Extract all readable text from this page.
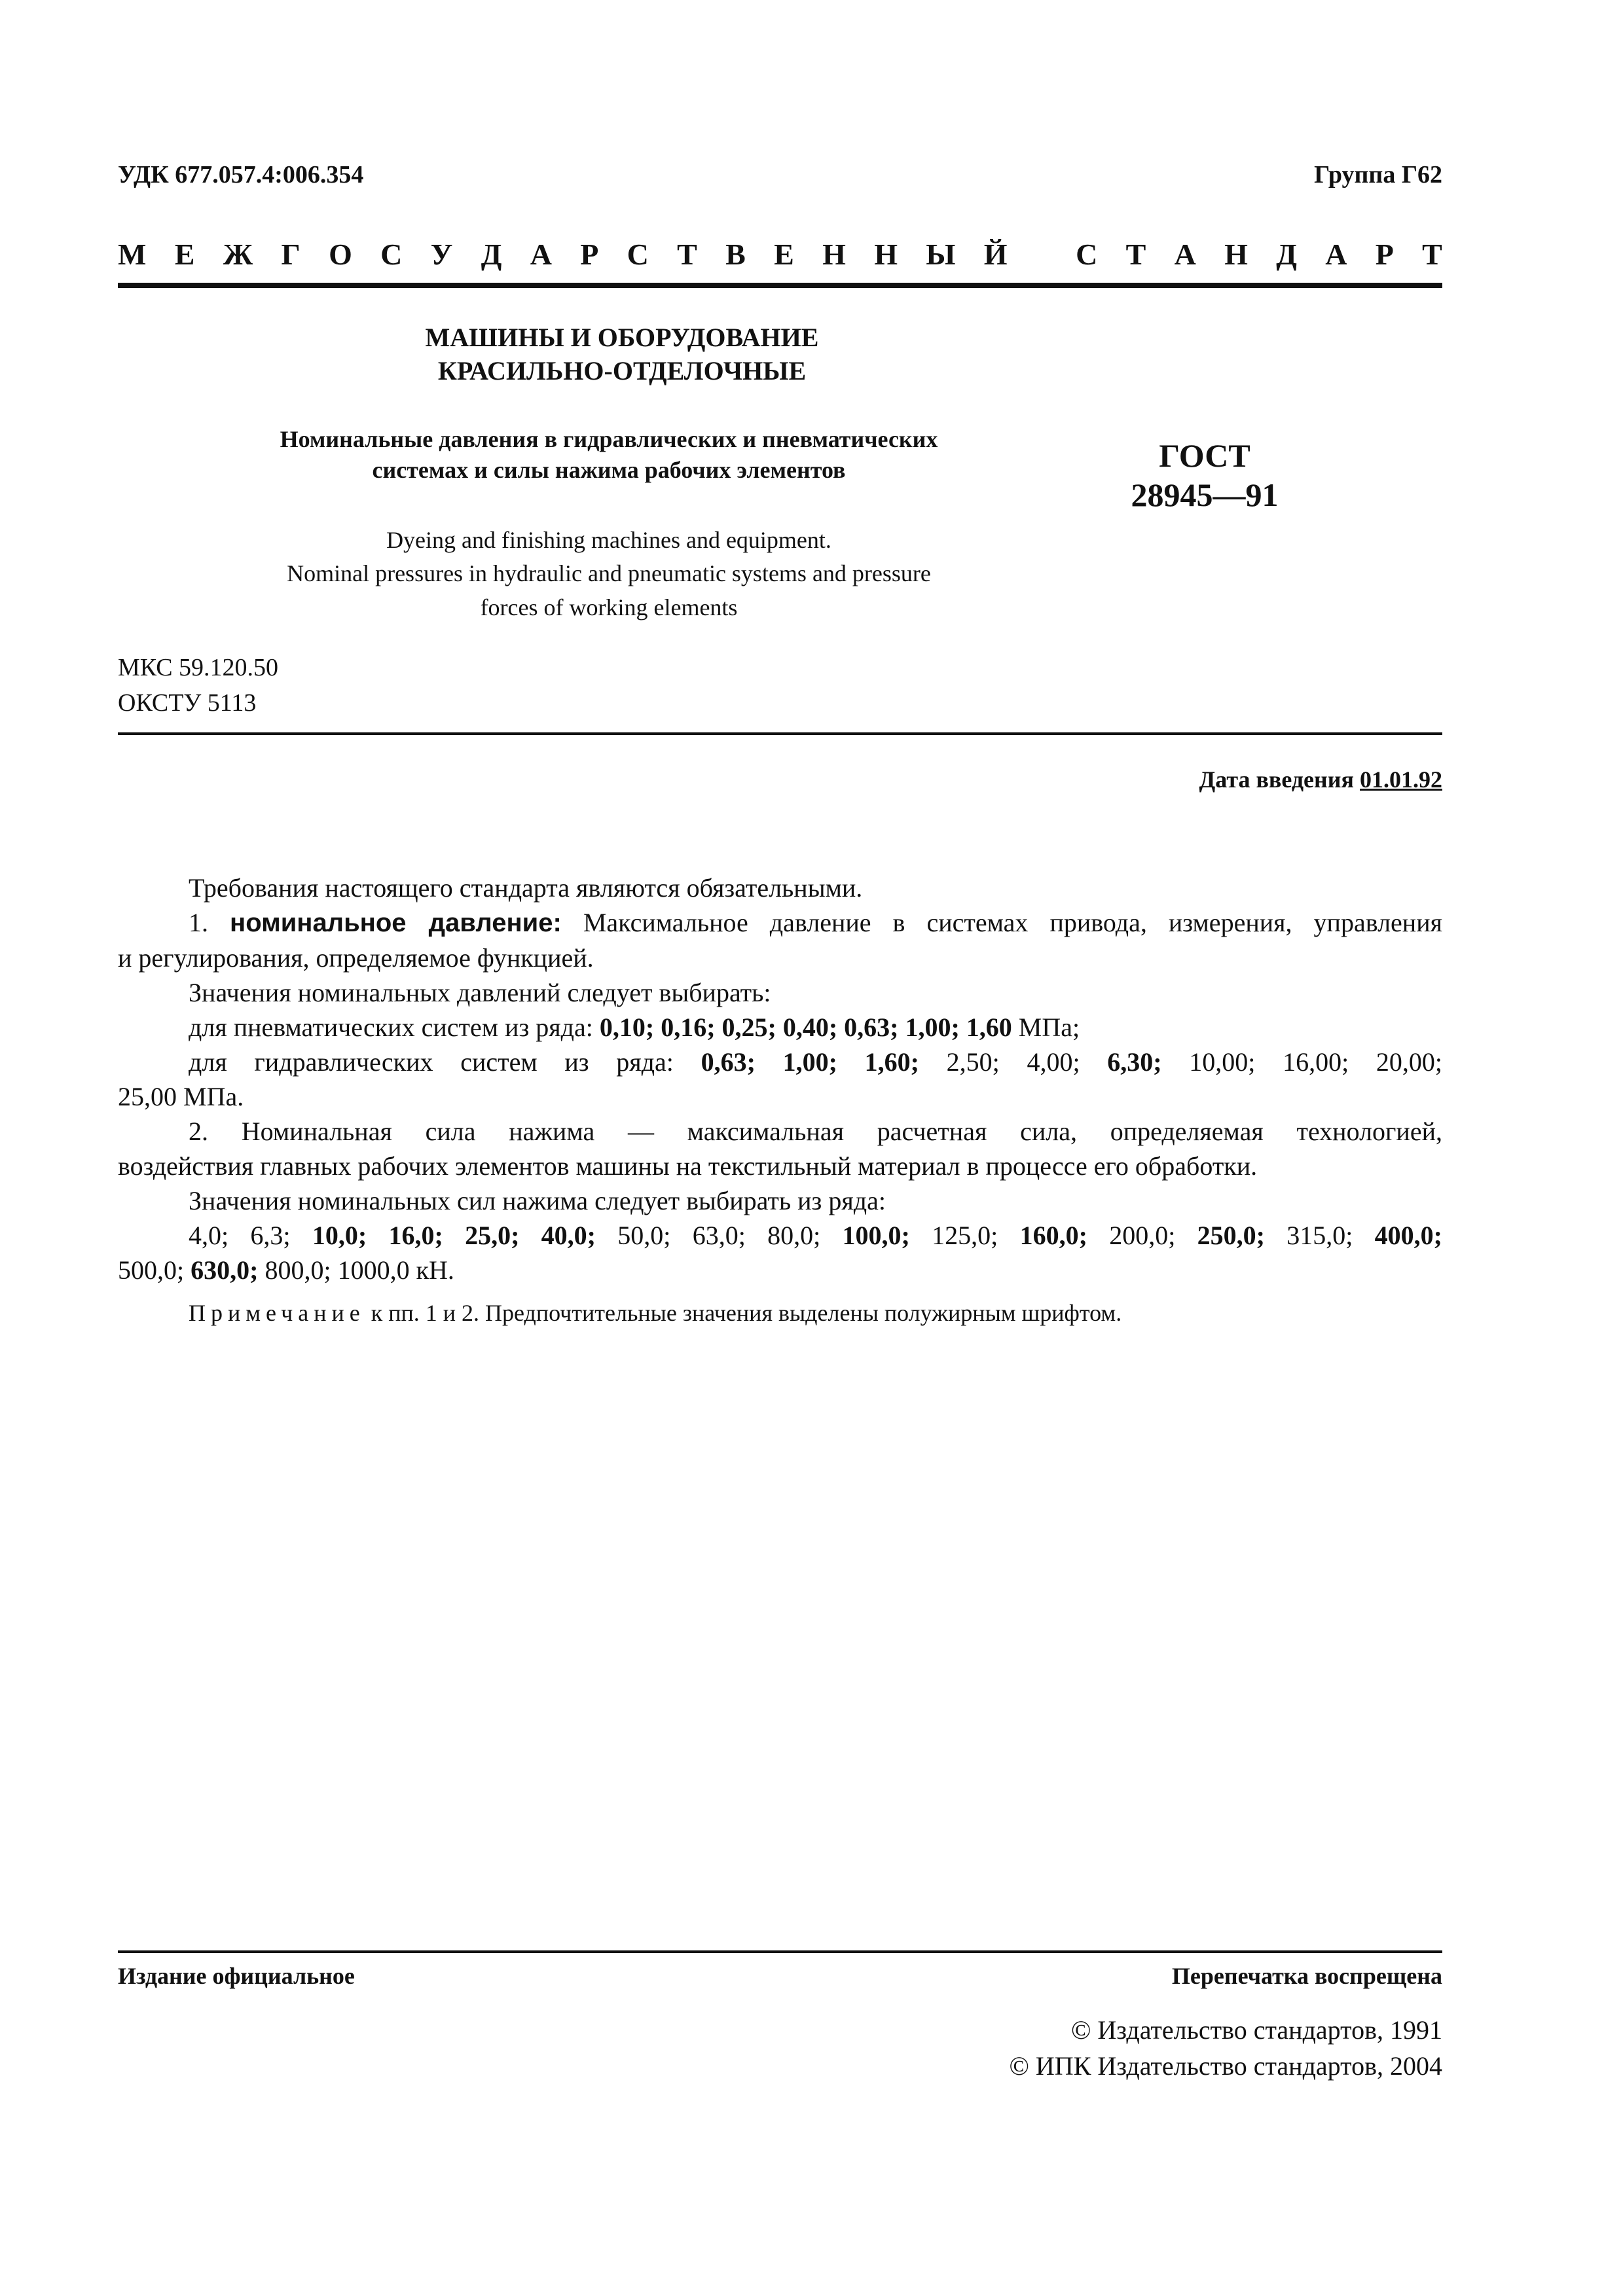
УДК 677.057.4:006.354	Группа Г62
М Е Ж Г О С У Д А Р С Т В Е Н Н Ы Й С Т А Н Д А Р Т
МАШИНЫ И ОБОРУДОВАНИЕ
КРАСИЛЬНО-ОТДЕЛОЧНЫЕ
Номинальные давления в гидравлических и пневматических
системах и силы нажима рабочих элементов	ГОСТ
28945—91
Dyeing and finishing machines and equipment.
Nominal pressures in hydraulic and pneumatic systems and pressure
forces of working elements
МКС 59.120.50
ОКСТУ 5113
Дата введения 01.01.92

Требования настоящего стандарта являются обязательными.

1. номинальное давление: Максимальное давление в системах привода, измерения, управления

и регулирования, определяемое функцией.

Значения номинальных давлений следует выбирать:

для пневматических систем из ряда: 0,10; 0,16; 0,25; 0,40; 0,63; 1,00; 1,60 МПа;

для гидравлических систем из ряда: 0,63; 1,00; 1,60; 2,50; 4,00; 6,30; 10,00; 16,00; 20,00;

25,00 МПа.

2. Номинальная сила нажима — максимальная расчетная сила, определяемая технологией,

воздействия главных рабочих элементов машины на текстильный материал в процессе его обработки.

Значения номинальных сил нажима следует выбирать из ряда:

4,0; 6,3; 10,0; 16,0; 25,0; 40,0; 50,0; 63,0; 80,0; 100,0; 125,0; 160,0; 200,0; 250,0; 315,0; 400,0;

500,0; 630,0; 800,0; 1000,0 кН.

Примечание к пп. 1 и 2. Предпочтительные значения выделены полужирным шрифтом.
Издание официальное	Перепечатка воспрещена
© Издательство стандартов, 1991
© ИПК Издательство стандартов, 2004
